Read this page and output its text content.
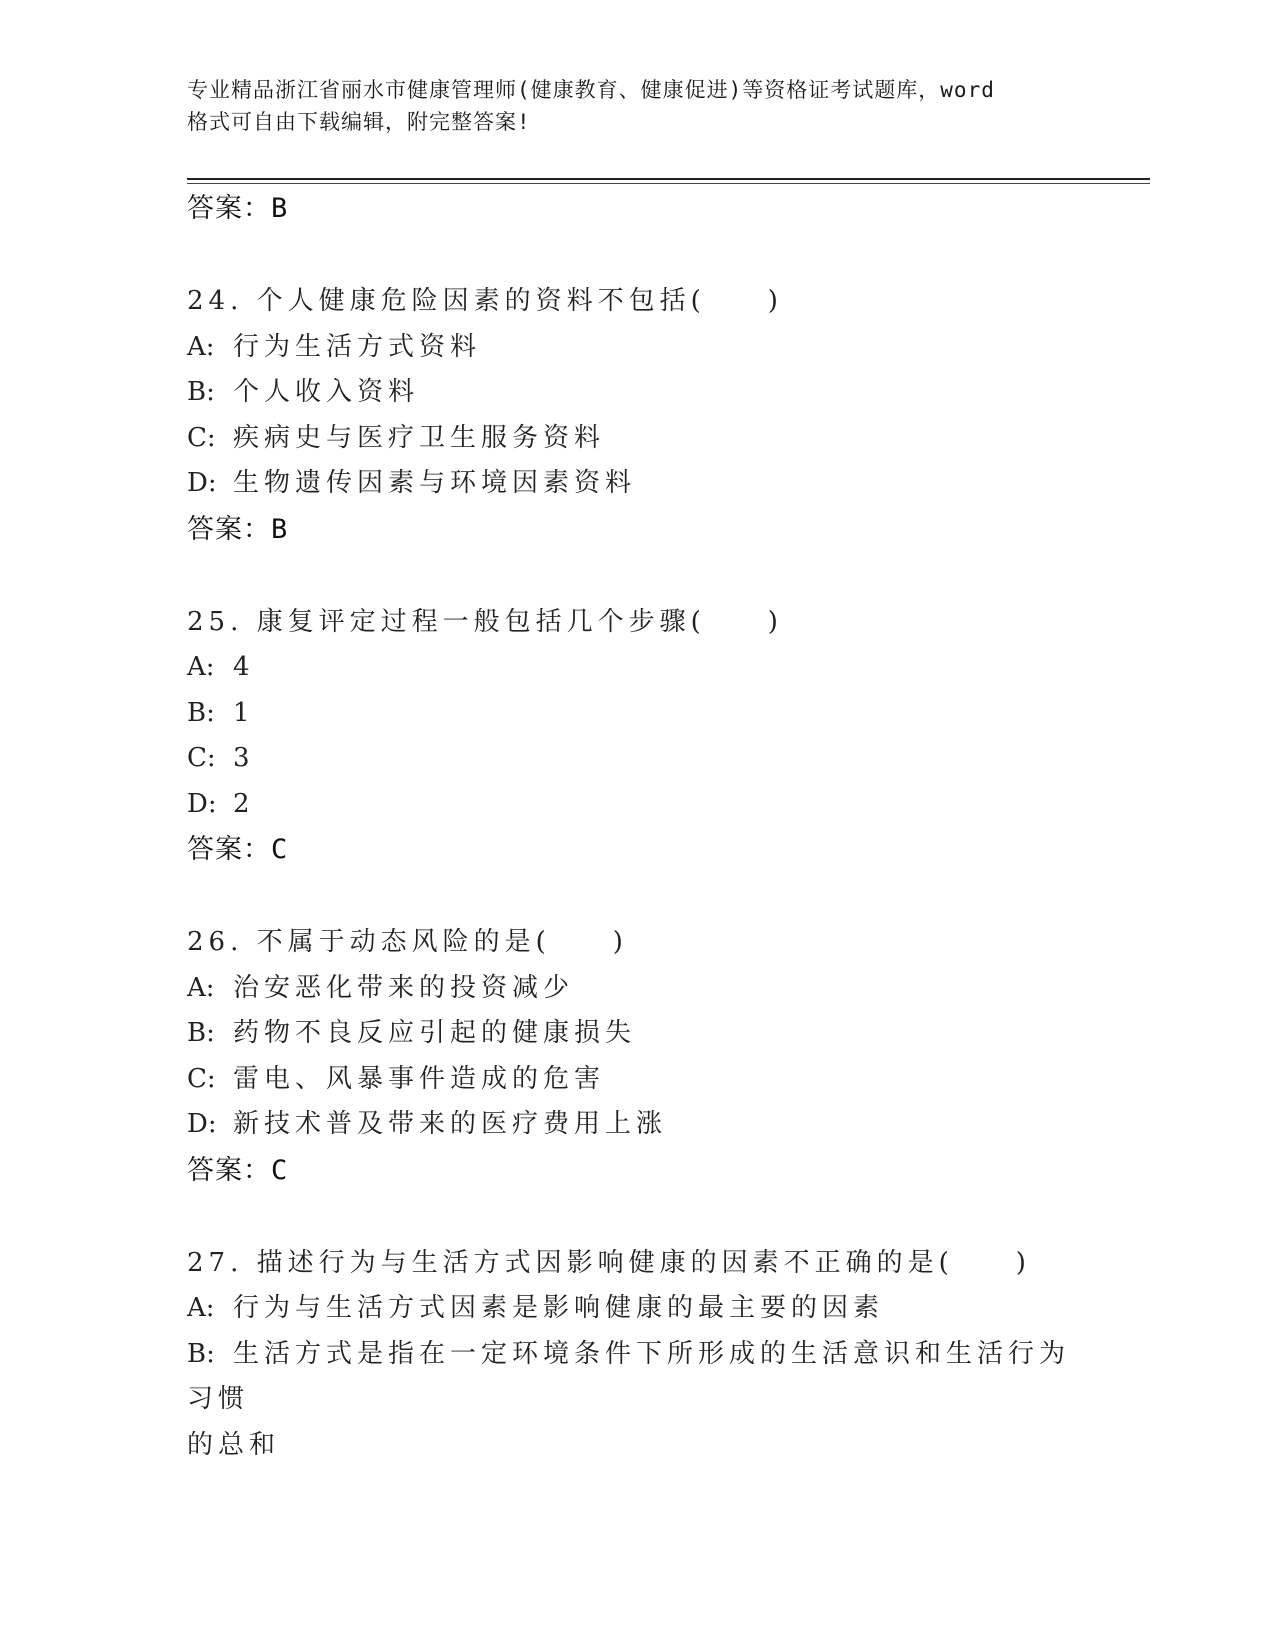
专业精品浙江省丽水市健康管理师(健康教育、健康促进)等资格证考试题库，word
格式可自由下载编辑，附完整答案!

答案：B

24. 个人健康危险因素的资料不包括(　　)

A: 行为生活方式资料

B: 个人收入资料

C: 疾病史与医疗卫生服务资料

D: 生物遗传因素与环境因素资料

答案：B

25. 康复评定过程一般包括几个步骤(　　)

A: 4

B: 1

C: 3

D: 2

答案：C

26. 不属于动态风险的是(　　)

A: 治安恶化带来的投资减少

B: 药物不良反应引起的健康损失

C: 雷电、风暴事件造成的危害

D: 新技术普及带来的医疗费用上涨

答案：C

27. 描述行为与生活方式因影响健康的因素不正确的是(　　)

A: 行为与生活方式因素是影响健康的最主要的因素

B: 生活方式是指在一定环境条件下所形成的生活意识和生活行为习惯

的总和
